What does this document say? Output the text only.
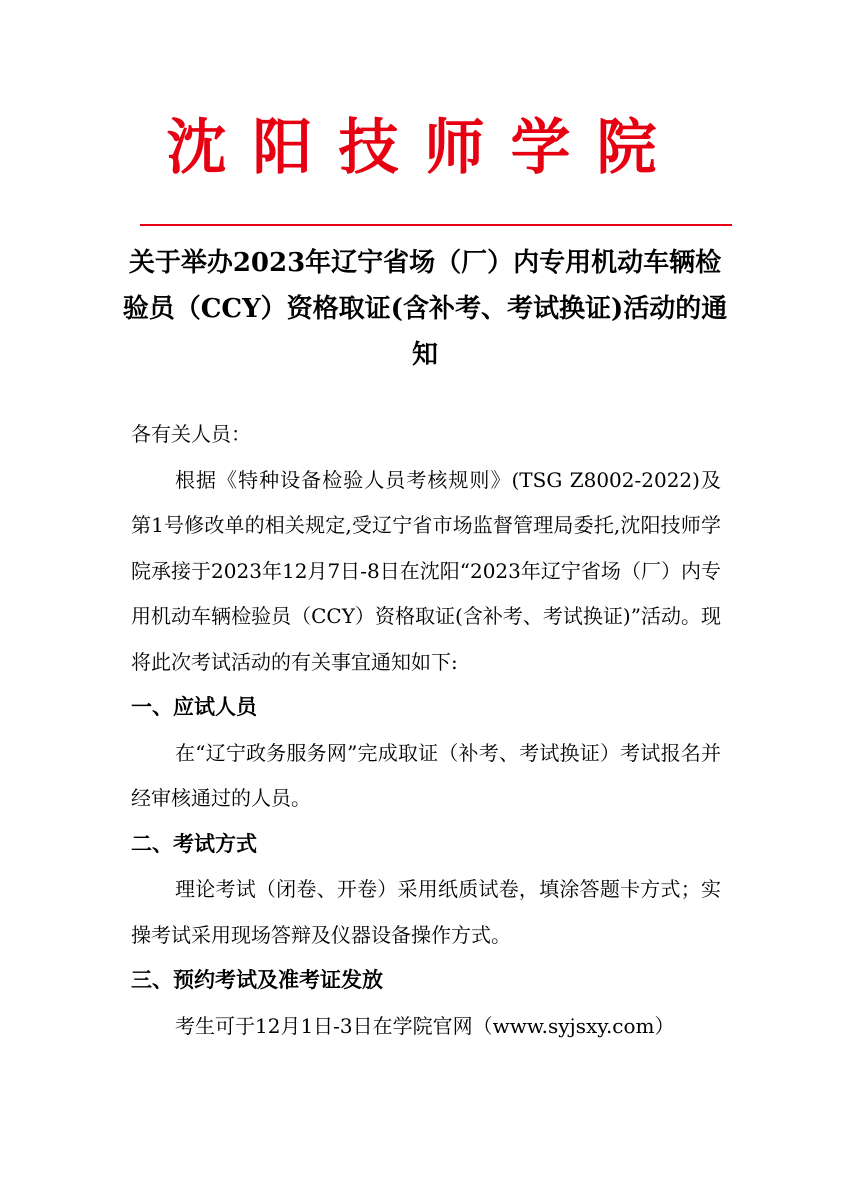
沈阳技师学院
关于举办2023年辽宁省场（厂）内专用机动车辆检验员（CCY）资格取证(含补考、考试换证)活动的通知

各有关人员：

根据《特种设备检验人员考核规则》(TSG Z8002-2022)及第1号修改单的相关规定,受辽宁省市场监督管理局委托,沈阳技师学院承接于2023年12月7日-8日在沈阳“2023年辽宁省场（厂）内专用机动车辆检验员（CCY）资格取证(含补考、考试换证)”活动。现将此次考试活动的有关事宜通知如下:

一、应试人员

在“辽宁政务服务网”完成取证（补考、考试换证）考试报名并经审核通过的人员。

二、考试方式

理论考试（闭卷、开卷）采用纸质试卷，填涂答题卡方式；实操考试采用现场答辩及仪器设备操作方式。

三、预约考试及准考证发放

考生可于12月1日-3日在学院官网（www.syjsxy.com）
